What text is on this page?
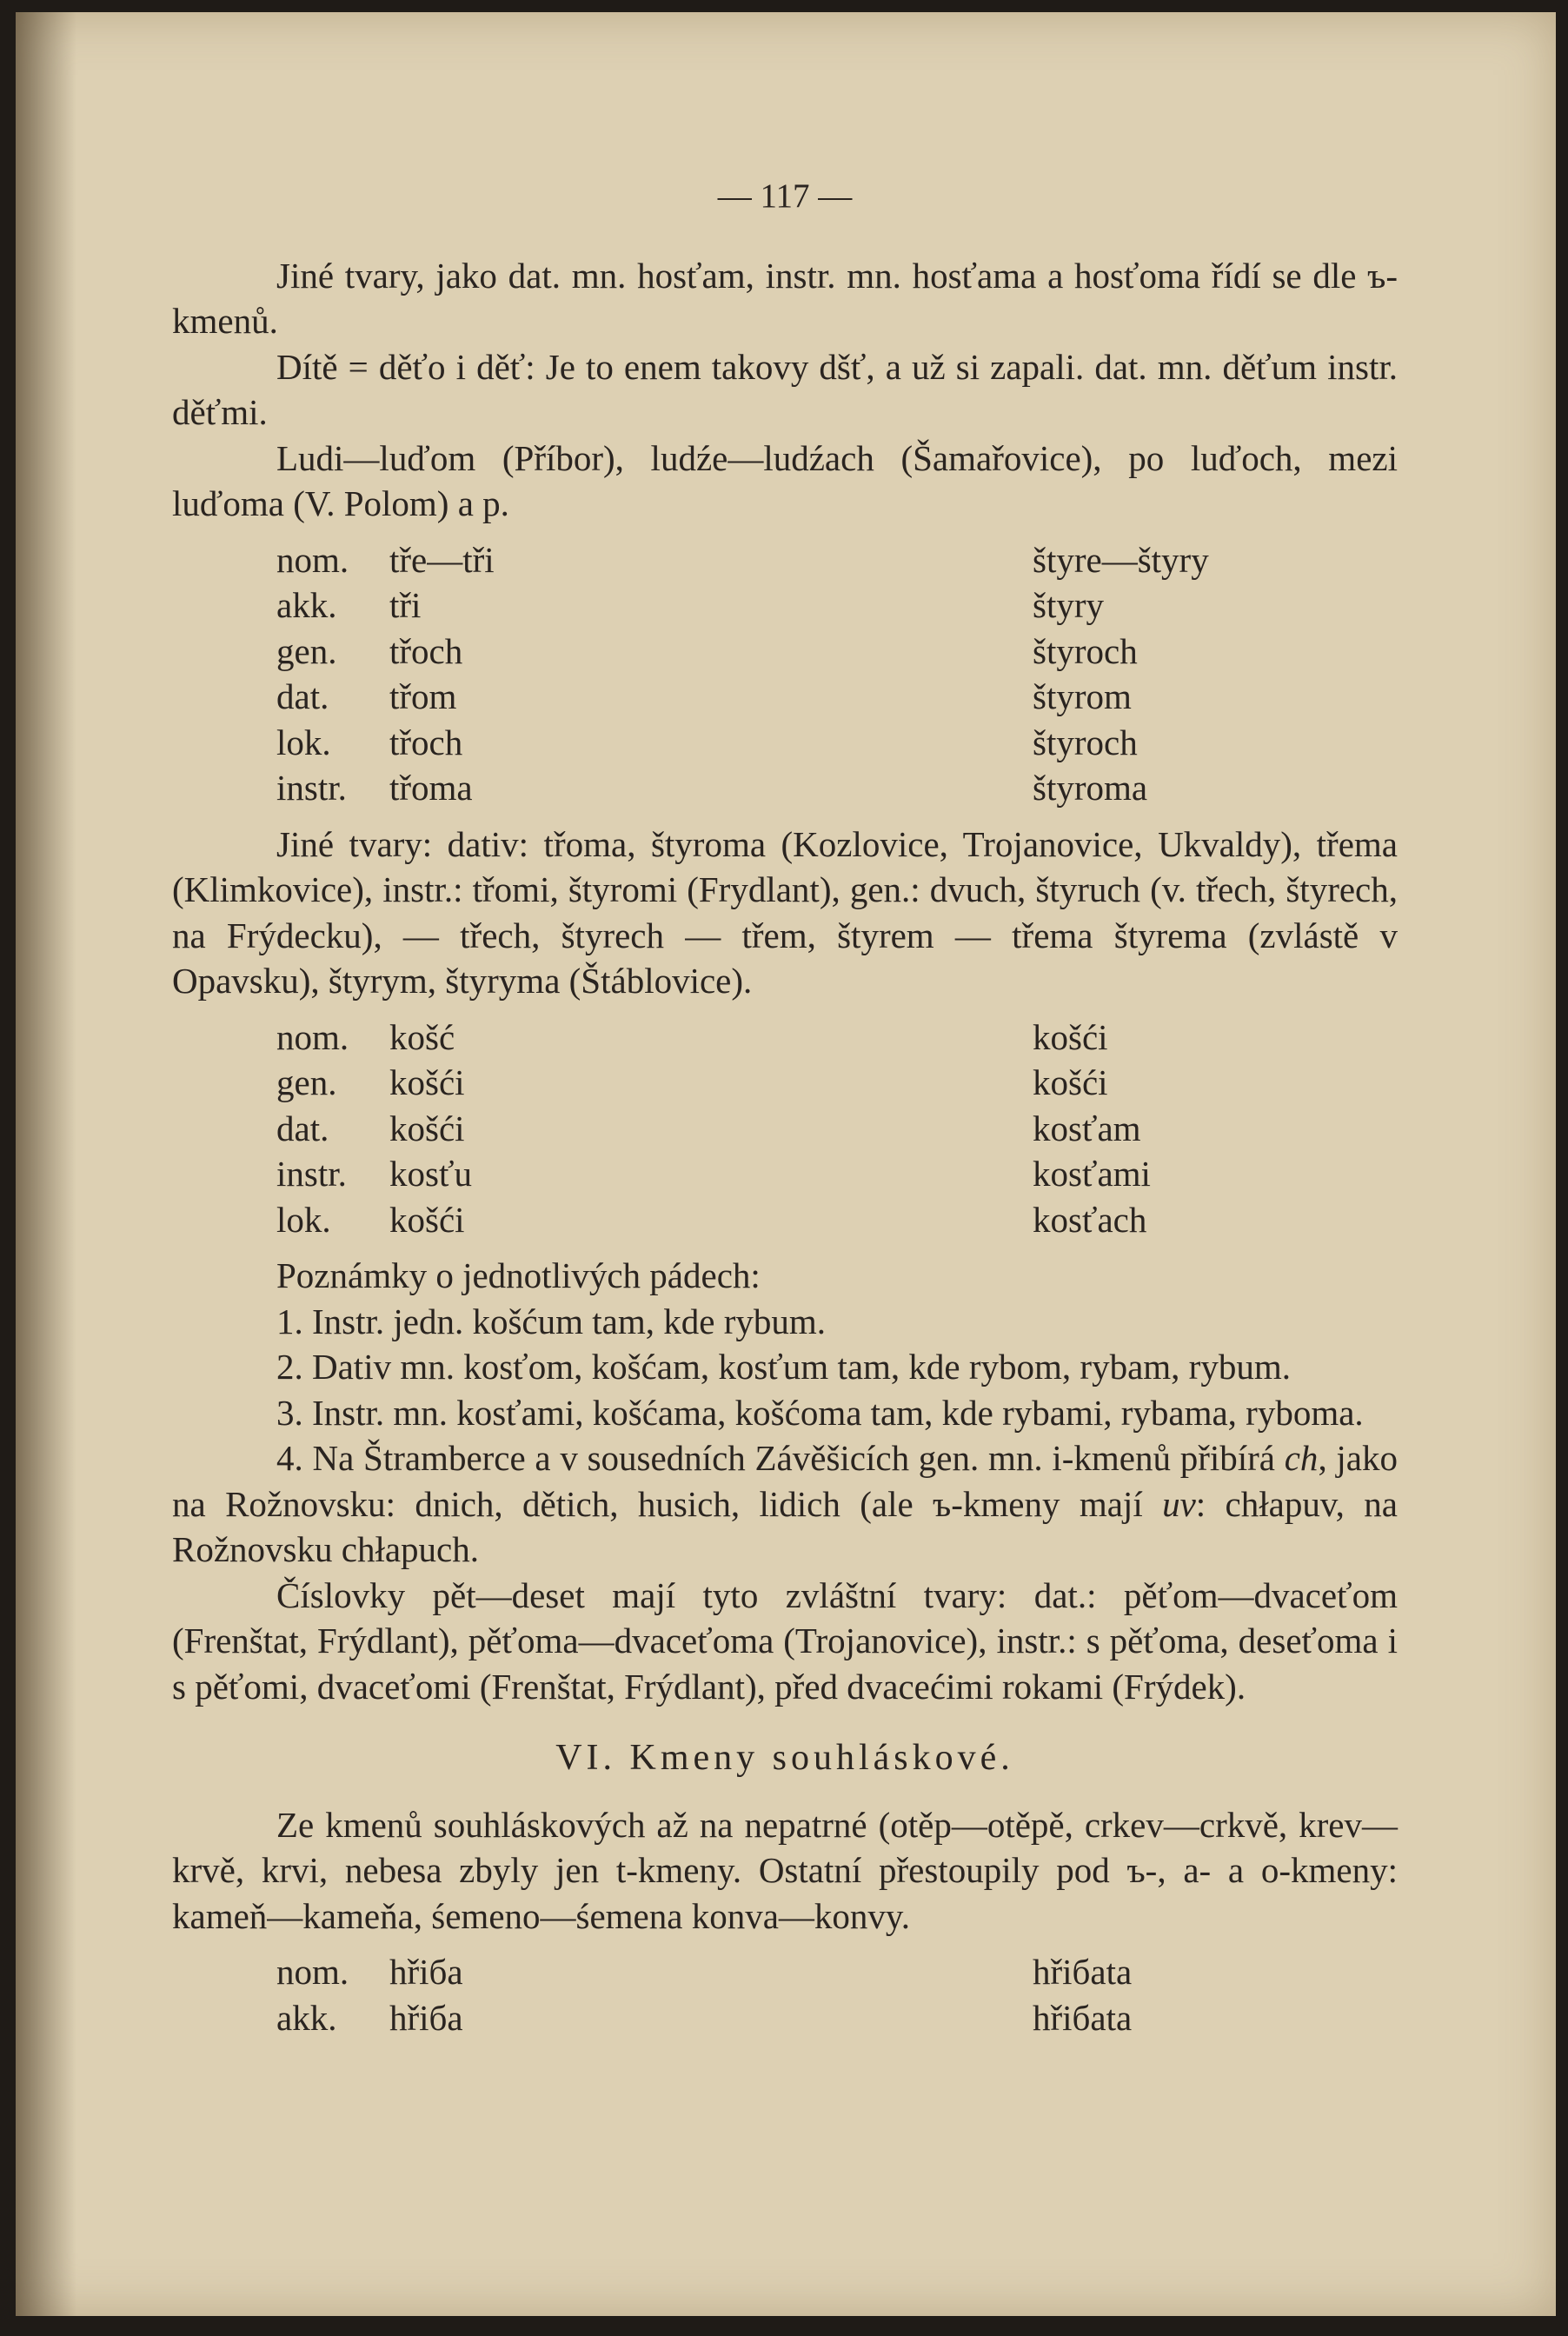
— 117 —

Jiné tvary, jako dat. mn. hosťam, instr. mn. hosťama a hosťoma řídí se dle ъ-kmenů.

Dítě = děťo i děť: Je to enem takovy dšť, a už si zapali. dat. mn. děťum instr. děťmi.

Ludi—luďom (Příbor), ludźe—ludźach (Šamařovice), po luďoch, mezi luďoma (V. Polom) a p.

nom.	tře—tři	štyre—štyry
akk.	tři	štyry
gen.	třoch	štyroch
dat.	třom	štyrom
lok.	třoch	štyroch
instr.	třoma	štyroma

Jiné tvary: dativ: třoma, štyroma (Kozlovice, Trojanovice, Ukvaldy), třema (Klimkovice), instr.: třomi, štyromi (Frydlant), gen.: dvuch, štyruch (v. třech, štyrech, na Frýdecku), — třech, štyrech — třem, štyrem — třema štyrema (zvlástě v Opavsku), štyrym, štyryma (Štáblovice).

nom.	košć	košći
gen.	košći	košći
dat.	košći	kosťam
instr.	kosťu	kosťami
lok.	košći	kosťach

Poznámky o jednotlivých pádech:

1. Instr. jedn. košćum tam, kde rybum.

2. Dativ mn. kosťom, košćam, kosťum tam, kde rybom, rybam, rybum.

3. Instr. mn. kosťami, košćama, košćoma tam, kde rybami, rybama, ryboma.

4. Na Štramberce a v sousedních Závěšicích gen. mn. i-kmenů přibírá ch, jako na Rožnovsku: dnich, dětich, husich, lidich (ale ъ-kmeny mají uv: chłapuv, na Rožnovsku chłapuch.

Číslovky pět—deset mají tyto zvláštní tvary: dat.: pěťom—dvaceťom (Frenštat, Frýdlant), pěťoma—dvaceťoma (Trojanovice), instr.: s pěťoma, deseťoma i s pěťomi, dvaceťomi (Frenštat, Frýdlant), před dvacećimi rokami (Frýdek).

VI. Kmeny souhláskové.

Ze kmenů souhláskových až na nepatrné (otěp—otěpě, crkev—crkvě, krev—krvě, krvi, nebesa zbyly jen t-kmeny. Ostatní přestoupily pod ъ-, a- a o-kmeny: kameň—kameňa, śemeno—śemena konva—konvy.

nom.	hřiба	hřiбata
akk.	hřiба	hřiбata
